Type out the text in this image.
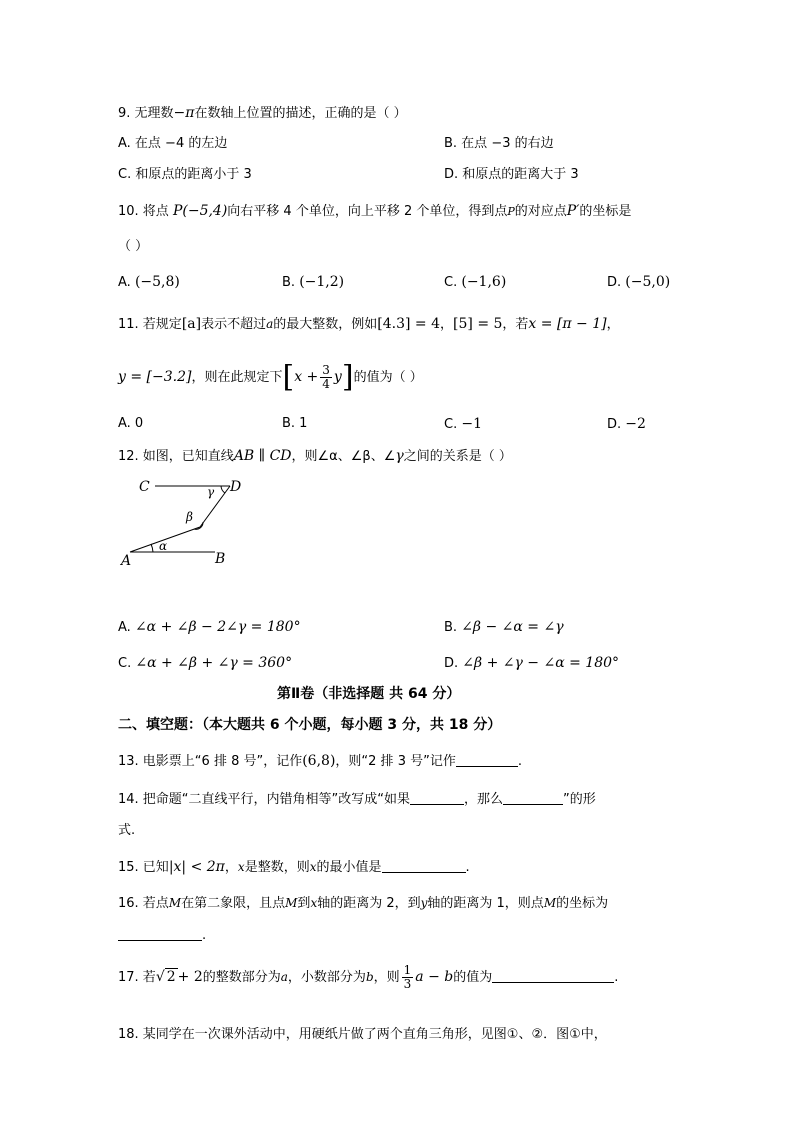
9. 无理数−π在数轴上位置的描述，正确的是（ ）
A. 在点 −4 的左边	B. 在点 −3 的右边
C. 和原点的距离小于 3	D. 和原点的距离大于 3
10. 将点 P(−5,4)向右平移 4 个单位，向上平移 2 个单位，得到点P的对应点P′的坐标是
（ ）
A. (−5,8)	B. (−1,2)	C. (−1,6)	D. (−5,0)
11. 若规定[a]表示不超过a的最大整数，例如[4.3] = 4，[5] = 5，若x = [π − 1]，
y = [−3.2]，则在此规定下$[x + \frac{3}{4} y]$的值为（ ）
A. 0	B. 1	C. −1	D. −2
12. 如图，已知直线AB ∥ CD，则∠α、∠β、∠γ之间的关系是（ ）
C	D
A	B
α
β
γ
A. ∠α + ∠β − 2∠γ = 180°	B. ∠β − ∠α = ∠γ
C. ∠α + ∠β + ∠γ = 360°	D. ∠β + ∠γ − ∠α = 180°
第Ⅱ卷（非选择题 共 64 分）
二、填空题：（本大题共 6 个小题，每小题 3 分，共 18 分）
13. 电影票上“6 排 8 号”，记作(6,8)，则“2 排 3 号”记作	.
14. 把命题“二直线平行，内错角相等”改写成“如果	，那么	”的形
式.
15. 已知|x| < 2π，x是整数，则x的最小值是	.
16. 若点M在第二象限，且点M到x轴的距离为 2，到y轴的距离为 1，则点M的坐标为
.
17. 若√ 2 + 2的整数部分为a，小数部分为b，则 $\frac{1}{3}$ a − b的值为	.
18. 某同学在一次课外活动中，用硬纸片做了两个直角三角形，见图①、②．图①中，
